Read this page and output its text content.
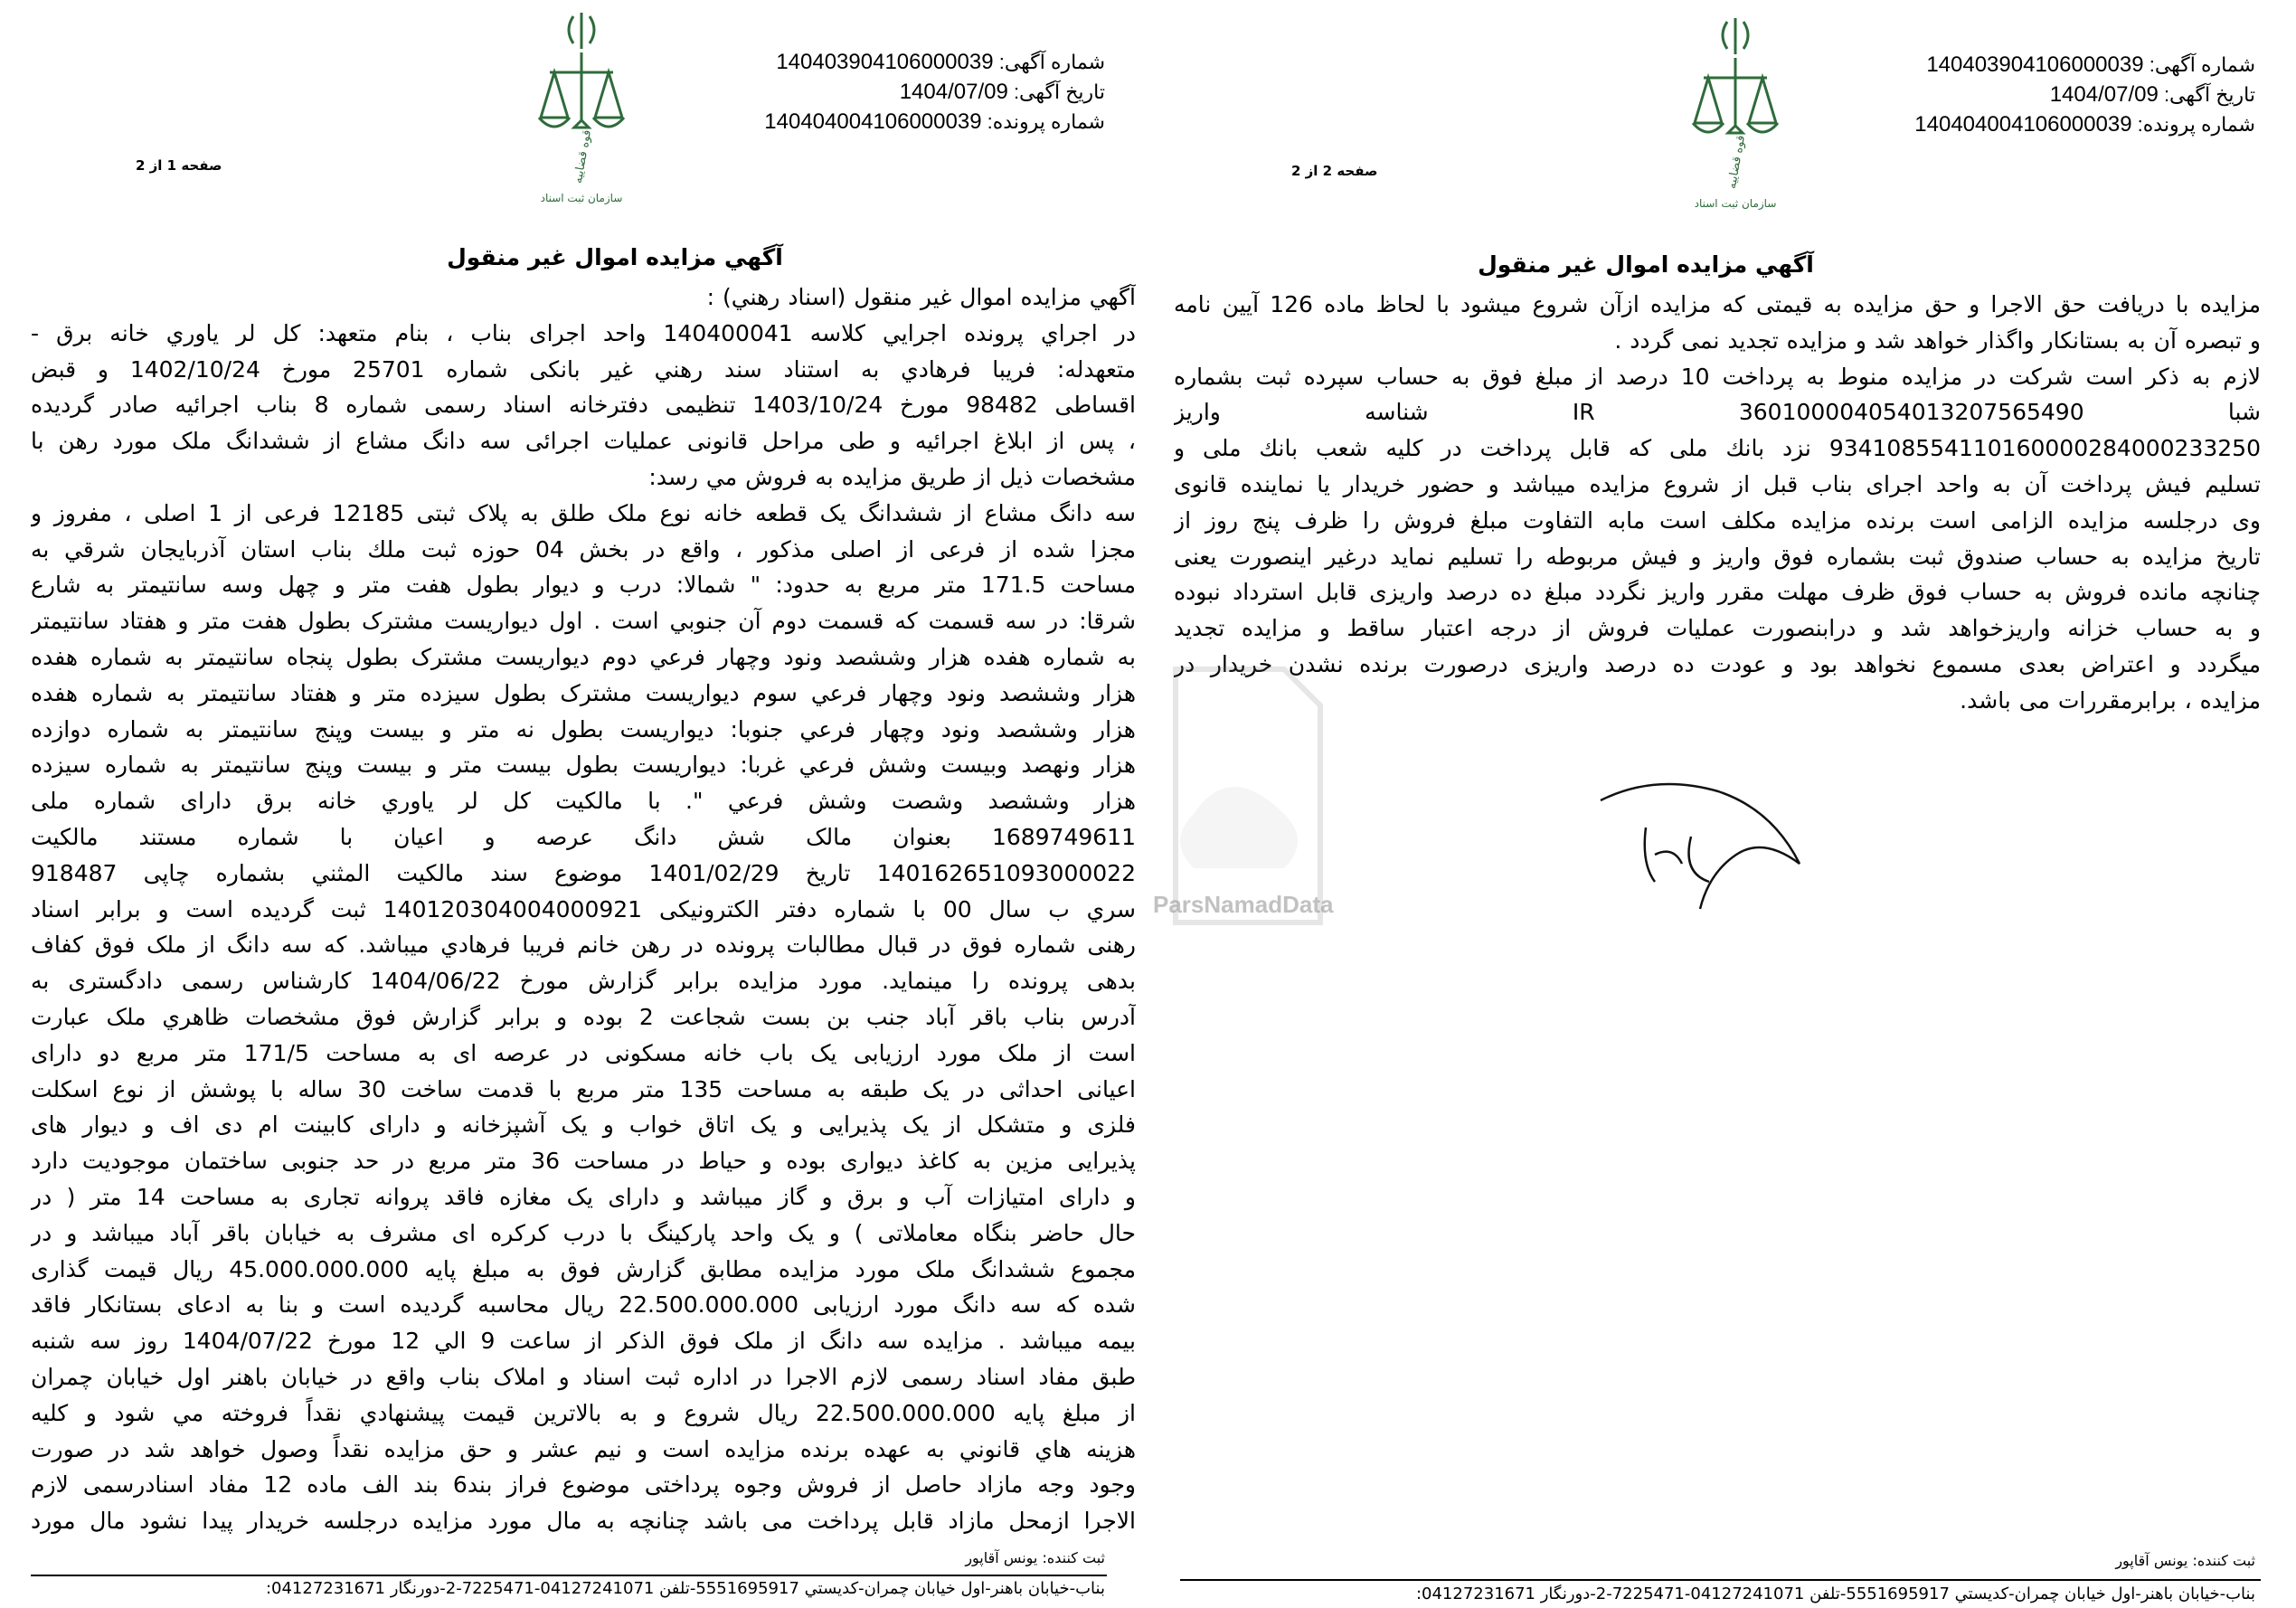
شماره آگهی: 140403904106000039
تاریخ آگهی: 1404/07/09
شماره پرونده: 140404004106000039
قوه قضاییه
سازمان ثبت اسناد
صفحه 1 از 2
آگهي مزايده اموال غير منقول
آگهي مزايده اموال غير منقول (اسناد رهني) :
در اجراي پرونده اجرايي كلاسه 140400041 واحد اجراى بناب ، بنام متعهد: كل لر ياوري خانه برق -
متعهدله: فريبا فرهادي به استناد سند رهني غير بانكى شماره 25701 مورخ 1402/10/24 و قبض
اقساطى 98482 مورخ 1403/10/24 تنظيمى دفترخانه اسناد رسمى شماره 8 بناب اجرائيه صادر گرديده
، پس از ابلاغ اجرائيه و طى مراحل قانونى عمليات اجرائى سه دانگ مشاع از ششدانگ ملک مورد رهن با
مشخصات ذيل از طريق مزايده به فروش مي رسد:
سه دانگ مشاع از ششدانگ يک قطعه خانه نوع ملک طلق به پلاک ثبتى 12185 فرعى از 1 اصلى ، مفروز و
مجزا شده از فرعى از اصلى مذکور ، واقع در بخش 04 حوزه ثبت ملك بناب استان آذربايجان شرقي به
مساحت 171.5 متر مربع به حدود: " شمالا: درب و ديوار بطول هفت متر و چهل وسه سانتيمتر به شارع
شرقا: در سه قسمت که قسمت دوم آن جنوبي است . اول ديواريست مشترک بطول هفت متر و هفتاد سانتيمتر
به شماره هفده هزار وششصد ونود وچهار فرعي دوم ديواريست مشترک بطول پنجاه سانتيمتر به شماره هفده
هزار وششصد ونود وچهار فرعي سوم ديواريست مشترک بطول سيزده متر و هفتاد سانتيمتر به شماره هفده
هزار وششصد ونود وچهار فرعي جنوبا: ديواريست بطول نه متر و بيست وپنج سانتيمتر به شماره دوازده
هزار ونهصد وبيست وشش فرعي غربا: ديواريست بطول بيست متر و بيست وپنج سانتيمتر به شماره سيزده
هزار وششصد وشصت وشش فرعي ". با مالكيت كل لر ياوري خانه برق داراى شماره ملى
1689749611 بعنوان مالک شش دانگ عرصه و اعيان با شماره مستند مالکيت
140162651093000022 تاريخ 1401/02/29 موضوع سند مالکيت المثني بشماره چاپى 918487
سري ب سال 00 با شماره دفتر الكترونيكى 140120304004000921 ثبت گرديده است و برابر اسناد
رهنى شماره فوق در قبال مطالبات پرونده در رهن خانم فريبا فرهادي ميباشد. كه سه دانگ از ملک فوق كفاف
بدهى پرونده را مينمايد. مورد مزايده برابر گزارش مورخ 1404/06/22 كارشناس رسمى دادگسترى به
آدرس بناب باقر آباد جنب بن بست شجاعت 2 بوده و برابر گزارش فوق مشخصات ظاهري ملک عبارت
است از ملک مورد ارزيابى يک باب خانه مسكونى در عرصه اى به مساحت 171/5 متر مربع دو داراى
اعيانى احداثى در يک طبقه به مساحت 135 متر مربع با قدمت ساخت 30 ساله با پوشش از نوع اسكلت
فلزى و متشكل از يک پذيرايى و يک اتاق خواب و يک آشپزخانه و داراى كابينت ام دى اف و ديوار هاى
پذيرايى مزين به كاغذ ديوارى بوده و حياط در مساحت 36 متر مربع در حد جنوبى ساختمان موجوديت دارد
و داراى امتيازات آب و برق و گاز ميباشد و داراى يک مغازه فاقد پروانه تجارى به مساحت 14 متر ( در
حال حاضر بنگاه معاملاتى ) و يک واحد پاركينگ با درب كركره اى مشرف به خيابان باقر آباد ميباشد و در
مجموع ششدانگ ملک مورد مزايده مطابق گزارش فوق به مبلغ پايه 45.000.000.000 ريال قيمت گذارى
شده كه سه دانگ مورد ارزيابى 22.500.000.000 ريال محاسبه گرديده است و بنا به ادعاى بستانكار فاقد
بيمه ميباشد . مزايده سه دانگ از ملک فوق الذكر از ساعت 9 الي 12 مورخ 1404/07/22 روز سه شنبه
طبق مفاد اسناد رسمى لازم الاجرا در اداره ثبت اسناد و املاک بناب واقع در خيابان باهنر اول خيابان چمران
از مبلغ پايه 22.500.000.000 ريال شروع و به بالاترين قيمت پيشنهادي نقداً فروخته مي شود و كليه
هزينه هاي قانوني به عهده برنده مزايده است و نيم عشر و حق مزايده نقداً وصول خواهد شد در صورت
وجود وجه مازاد حاصل از فروش وجوه پرداختى موضوع فراز بند6 بند الف ماده 12 مفاد اسنادرسمى لازم
الاجرا ازمحل مازاد قابل پرداخت مى باشد چنانچه به مال مورد مزايده درجلسه خريدار پيدا نشود مال مورد
ثبت كننده: يونس آقاپور
بناب-خيابان باهنر-اول خيابان چمران-كديستي 5551695917-تلفن 04127241071-7225471-2-دورنگار 04127231671:
شماره آگهی: 140403904106000039
تاریخ آگهی: 1404/07/09
شماره پرونده: 140404004106000039
قوه قضاییه
سازمان ثبت اسناد
صفحه 2 از 2
آگهي مزايده اموال غير منقول
مزايده با دريافت حق الاجرا و حق مزايده به قيمتى كه مزايده ازآن شروع ميشود با لحاظ ماده 126 آيين نامه
و تبصره آن به بستانكار واگذار خواهد شد و مزايده تجديد نمى گردد .
لازم به ذكر است شركت در مزايده منوط به پرداخت 10 درصد از مبلغ فوق به حساب سپرده ثبت بشماره
شبا 360100004054013207565490 IR شناسه واريز
934108554110160000284000233250 نزد بانك ملى كه قابل پرداخت در كليه شعب بانك ملى و
تسليم فيش پرداخت آن به واحد اجراى بناب قبل از شروع مزايده ميباشد و حضور خريدار يا نماينده قانوى
وى درجلسه مزايده الزامى است برنده مزايده مكلف است مابه التفاوت مبلغ فروش را ظرف پنج روز از
تاريخ مزايده به حساب صندوق ثبت بشماره فوق واريز و فيش مربوطه را تسليم نمايد درغير اينصورت يعنى
چنانچه مانده فروش به حساب فوق ظرف مهلت مقرر واريز نگردد مبلغ ده درصد واريزى قابل استرداد نبوده
و به حساب خزانه واريزخواهد شد و درابنصورت عمليات فروش از درجه اعتبار ساقط و مزايده تجديد
ميگردد و اعتراض بعدى مسموع نخواهد بود و عودت ده درصد واريزى درصورت برنده نشدن خريدار در
مزايده ، برابرمقررات مى باشد.
ثبت كننده: يونس آقاپور
بناب-خيابان باهنر-اول خيابان چمران-كديستي 5551695917-تلفن 04127241071-7225471-2-دورنگار 04127231671:
ParsNamadData
